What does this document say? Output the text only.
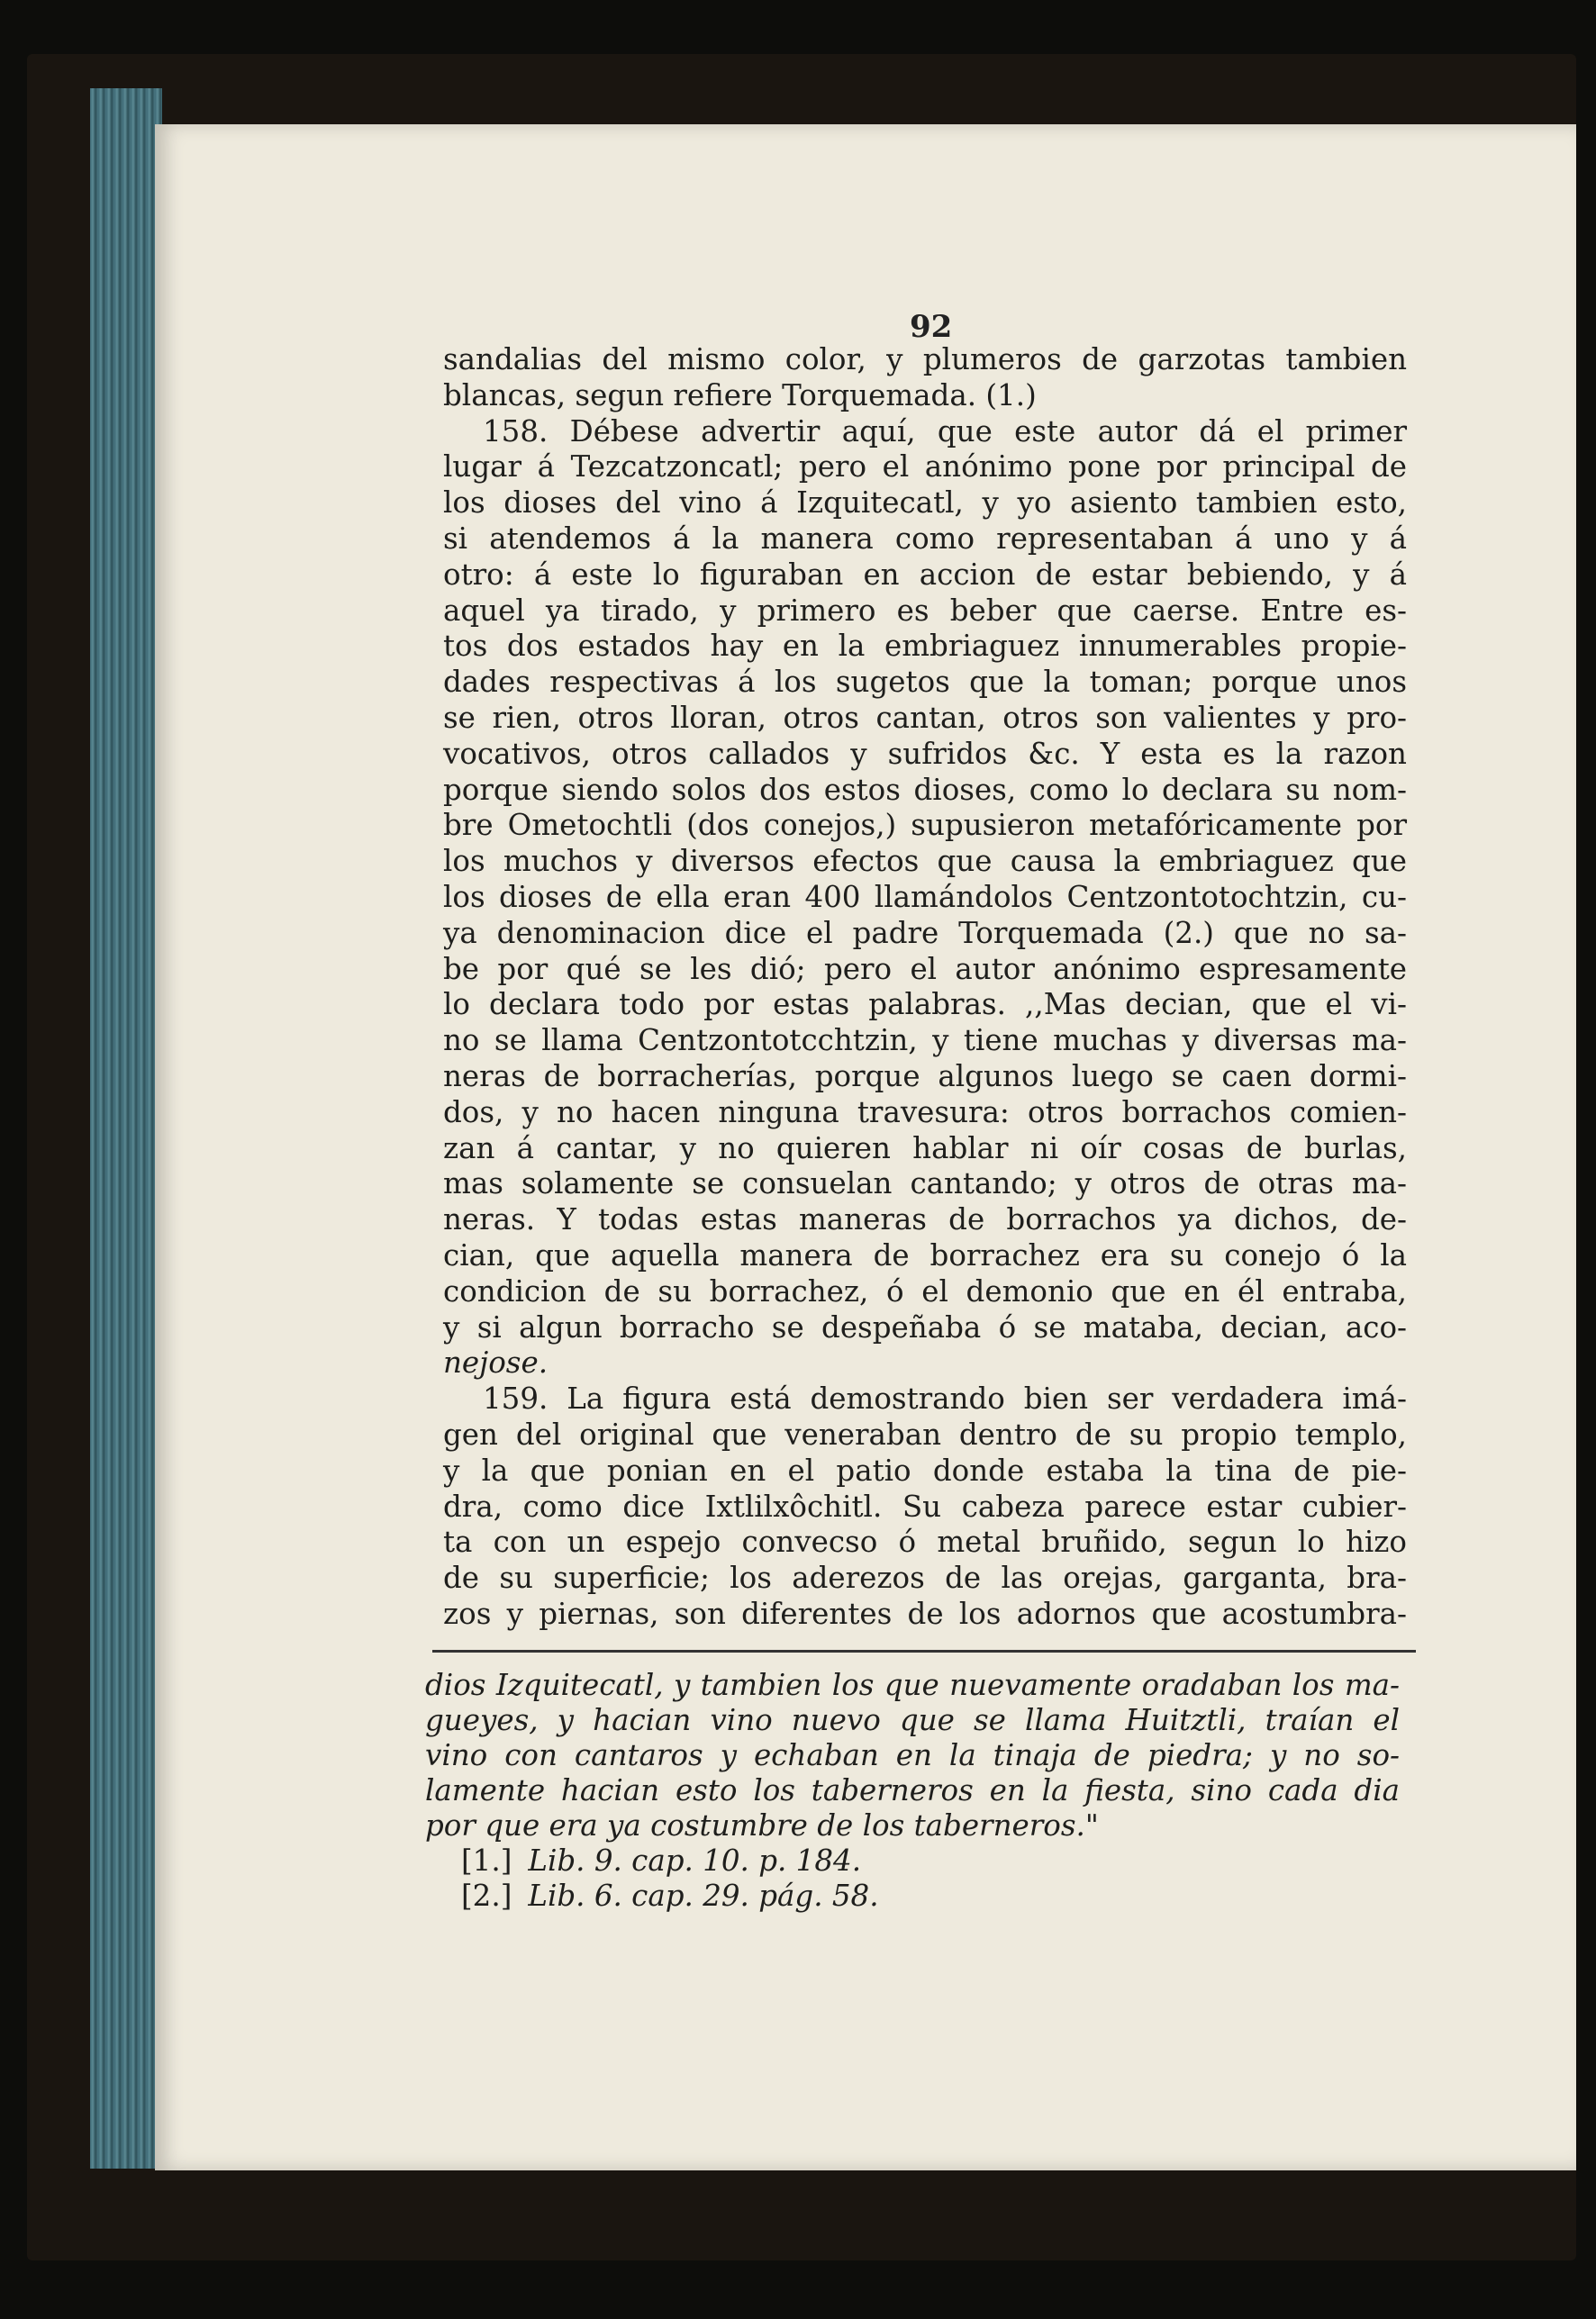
92
sandalias del mismo color, y plumeros de garzotas tambien
blancas, segun refiere Torquemada. (1.)
158. Débese advertir aquí, que este autor dá el primer
lugar á Tezcatzoncatl; pero el anónimo pone por principal de
los dioses del vino á Izquitecatl, y yo asiento tambien esto,
si atendemos á la manera como representaban á uno y á
otro: á este lo figuraban en accion de estar bebiendo, y á
aquel ya tirado, y primero es beber que caerse. Entre es-
tos dos estados hay en la embriaguez innumerables propie-
dades respectivas á los sugetos que la toman; porque unos
se rien, otros lloran, otros cantan, otros son valientes y pro-
vocativos, otros callados y sufridos &c. Y esta es la razon
porque siendo solos dos estos dioses, como lo declara su nom-
bre Ometochtli (dos conejos,) supusieron metafóricamente por
los muchos y diversos efectos que causa la embriaguez que
los dioses de ella eran 400 llamándolos Centzontotochtzin, cu-
ya denominacion dice el padre Torquemada (2.) que no sa-
be por qué se les dió; pero el autor anónimo espresamente
lo declara todo por estas palabras. ,,Mas decian, que el vi-
no se llama Centzontotcchtzin, y tiene muchas y diversas ma-
neras de borracherías, porque algunos luego se caen dormi-
dos, y no hacen ninguna travesura: otros borrachos comien-
zan á cantar, y no quieren hablar ni oír cosas de burlas,
mas solamente se consuelan cantando; y otros de otras ma-
neras. Y todas estas maneras de borrachos ya dichos, de-
cian, que aquella manera de borrachez era su conejo ó la
condicion de su borrachez, ó el demonio que en él entraba,
y si algun borracho se despeñaba ó se mataba, decian, aco-
nejose.
159. La figura está demostrando bien ser verdadera imá-
gen del original que veneraban dentro de su propio templo,
y la que ponian en el patio donde estaba la tina de pie-
dra, como dice Ixtlilxôchitl. Su cabeza parece estar cubier-
ta con un espejo convecso ó metal bruñido, segun lo hizo
de su superficie; los aderezos de las orejas, garganta, bra-
zos y piernas, son diferentes de los adornos que acostumbra-
dios Izquitecatl, y tambien los que nuevamente oradaban los ma-
gueyes, y hacian vino nuevo que se llama Huitztli, traían el
vino con cantaros y echaban en la tinaja de piedra; y no so-
lamente hacian esto los taberneros en la fiesta, sino cada dia
por que era ya costumbre de los taberneros."
[1.] Lib. 9. cap. 10. p. 184.
[2.] Lib. 6. cap. 29. pág. 58.
